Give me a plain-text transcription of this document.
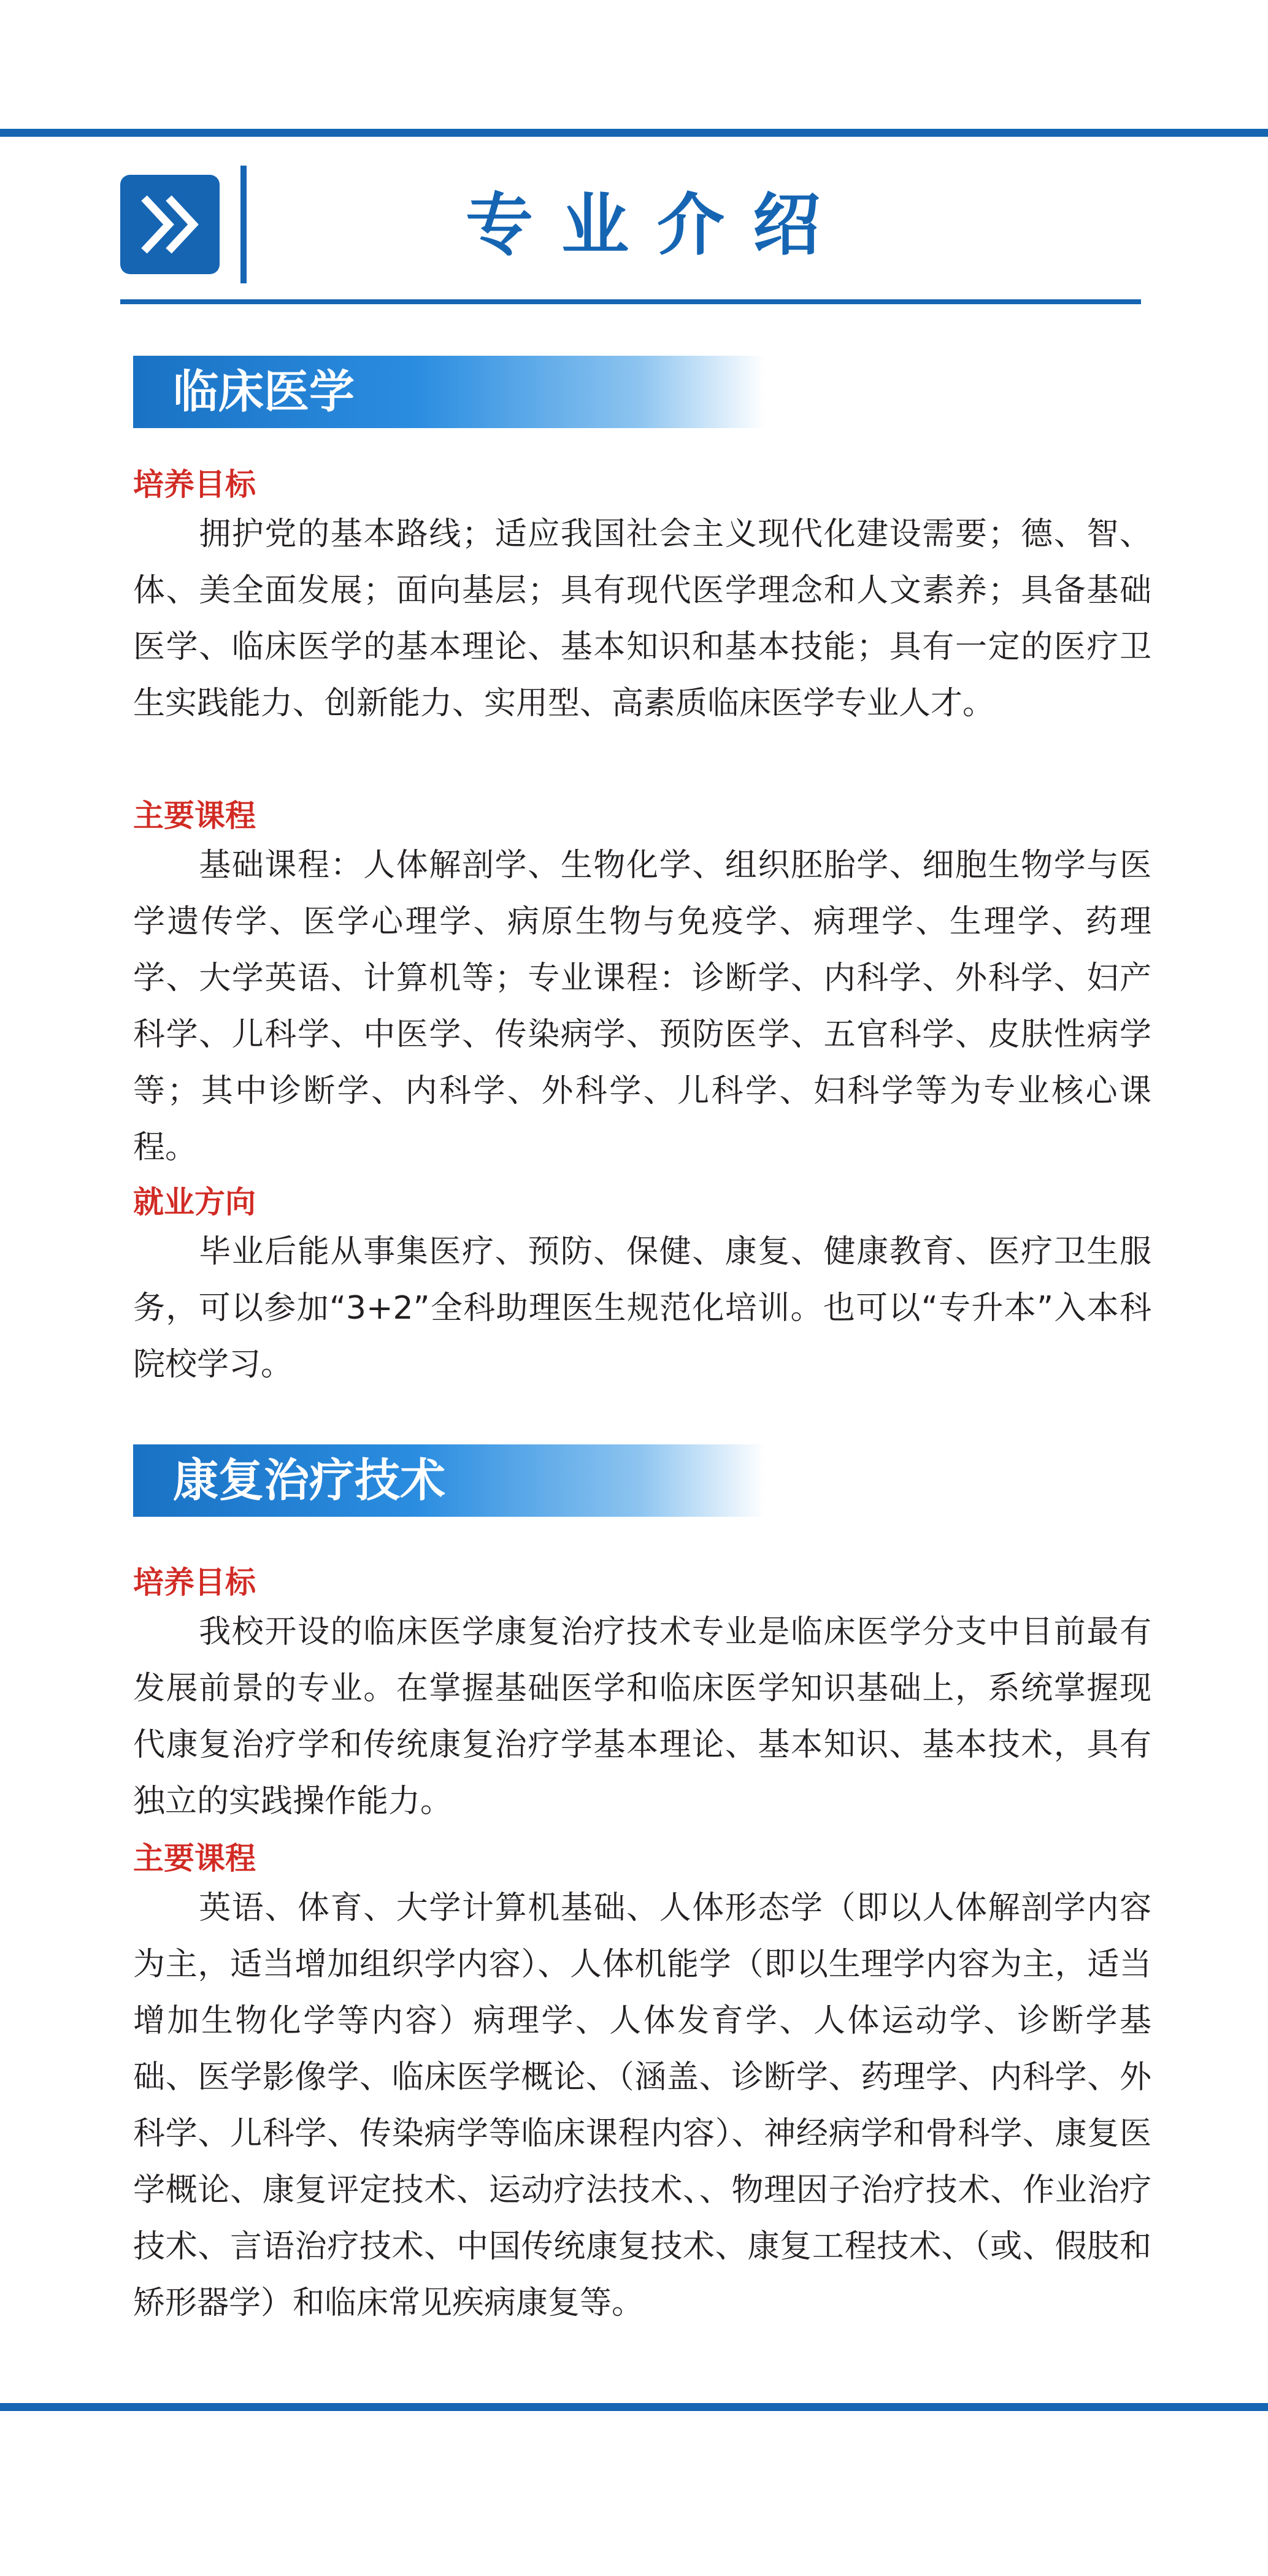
专业介绍
临床医学
培养目标

　　拥护党的基本路线；适应我国社会主义现代化建设需要；德、智、体、美全面发展；面向基层；具有现代医学理念和人文素养；具备基础医学、临床医学的基本理论、基本知识和基本技能；具有一定的医疗卫生实践能力、创新能力、实用型、高素质临床医学专业人才。

主要课程

　　基础课程：人体解剖学、生物化学、组织胚胎学、细胞生物学与医学遗传学、医学心理学、病原生物与免疫学、病理学、生理学、药理学、大学英语、计算机等；专业课程：诊断学、内科学、外科学、妇产科学、儿科学、中医学、传染病学、预防医学、五官科学、皮肤性病学等；其中诊断学、内科学、外科学、儿科学、妇科学等为专业核心课程。

就业方向

　　毕业后能从事集医疗、预防、保健、康复、健康教育、医疗卫生服务，可以参加“3+2”全科助理医生规范化培训。也可以“专升本”入本科院校学习。

康复治疗技术
培养目标

　　我校开设的临床医学康复治疗技术专业是临床医学分支中目前最有发展前景的专业。在掌握基础医学和临床医学知识基础上，系统掌握现代康复治疗学和传统康复治疗学基本理论、基本知识、基本技术，具有独立的实践操作能力。

主要课程

　　英语、体育、大学计算机基础、人体形态学（即以人体解剖学内容为主，适当增加组织学内容）、人体机能学（即以生理学内容为主，适当增加生物化学等内容）病理学、人体发育学、人体运动学、诊断学基础、医学影像学、临床医学概论、（涵盖、诊断学、药理学、内科学、外科学、儿科学、传染病学等临床课程内容）、神经病学和骨科学、康复医学概论、康复评定技术、运动疗法技术、、物理因子治疗技术、作业治疗技术、言语治疗技术、中国传统康复技术、康复工程技术、（或、假肢和矫形器学）和临床常见疾病康复等。
